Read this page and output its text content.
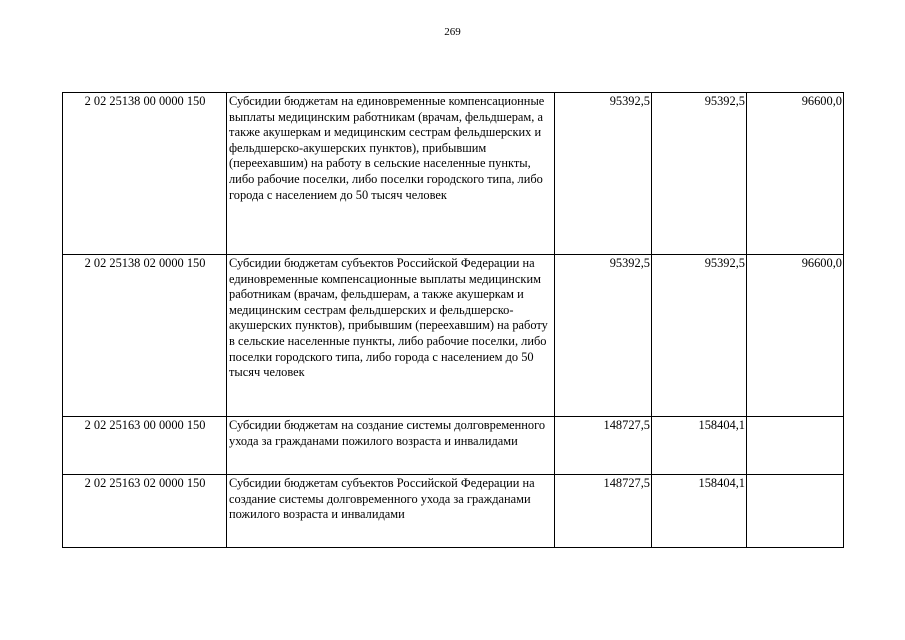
269
2 02 25138 00 0000 150	Субсидии бюджетам на единовременные компенсационные выплаты медицинским работникам (врачам, фельдшерам, а также акушеркам и медицинским сестрам фельдшерских и фельдшерско-акушерских пунктов), прибывшим (переехавшим) на работу в сельские населенные пункты, либо рабочие поселки, либо поселки городского типа, либо города с населением до 50 тысяч человек	95392,5	95392,5	96600,0
2 02 25138 02 0000 150	Субсидии бюджетам субъектов Российской Федерации на единовременные компенсационные выплаты медицинским работникам (врачам, фельдшерам, а также акушеркам и медицинским сестрам фельдшерских и фельдшерско-акушерских пунктов), прибывшим (переехавшим) на работу в сельские населенные пункты, либо рабочие поселки, либо поселки городского типа, либо города с населением до 50 тысяч человек	95392,5	95392,5	96600,0
2 02 25163 00 0000 150	Субсидии бюджетам на создание системы долговременного ухода за гражданами пожилого возраста и инвалидами	148727,5	158404,1	
2 02 25163 02 0000 150	Субсидии бюджетам субъектов Российской Федерации на создание системы долговременного ухода за гражданами пожилого возраста и инвалидами	148727,5	158404,1	
